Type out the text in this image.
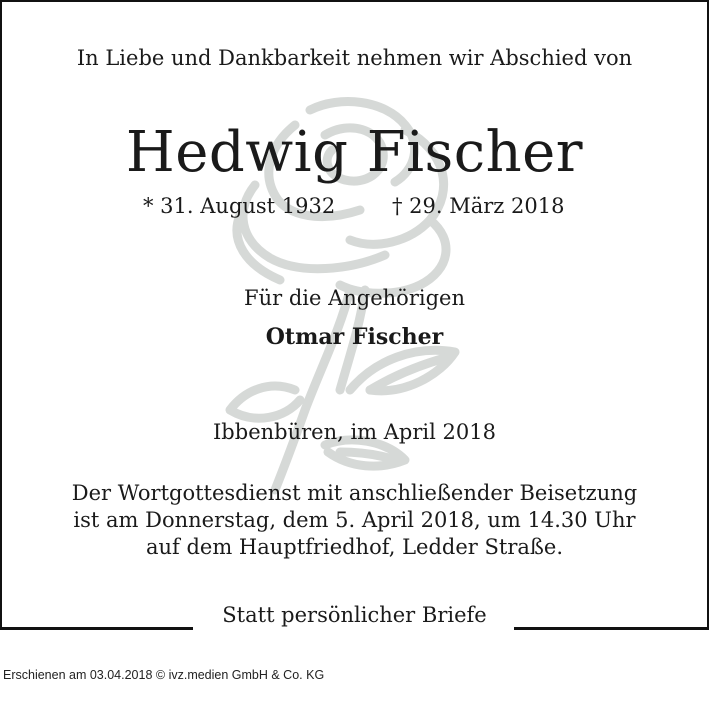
In Liebe und Dankbarkeit nehmen wir Abschied von
Hedwig Fischer
* 31. August 1932	† 29. März 2018
Für die Angehörigen
Otmar Fischer
Ibbenbüren, im April 2018
Der Wortgottesdienst mit anschließender Beisetzung
ist am Donnerstag, dem 5. April 2018, um 14.30 Uhr
auf dem Hauptfriedhof, Ledder Straße.
Statt persönlicher Briefe
Erschienen am 03.04.2018 © ivz.medien GmbH & Co. KG
